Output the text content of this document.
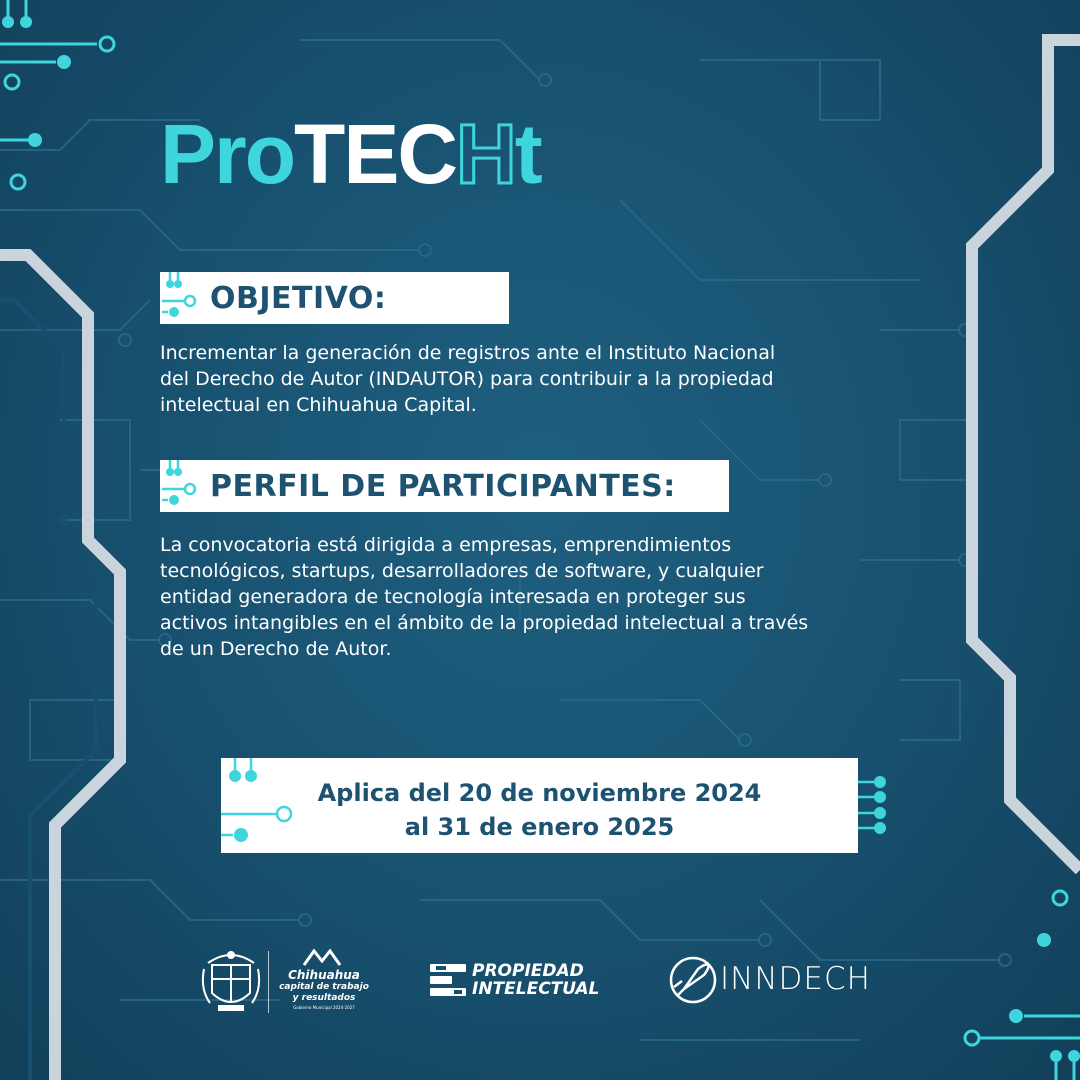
ProTECHt
OBJETIVO:

Incrementar la generación de registros ante el Instituto Nacional
del Derecho de Autor (INDAUTOR) para contribuir a la propiedad
intelectual en Chihuahua Capital.

PERFIL DE PARTICIPANTES:

La convocatoria está dirigida a empresas, emprendimientos
tecnológicos, startups, desarrolladores de software, y cualquier
entidad generadora de tecnología interesada en proteger sus
activos intangibles en el ámbito de la propiedad intelectual a través
de un Derecho de Autor.

Aplica del 20 de noviembre 2024
al 31 de enero 2025
Chihuahua
capital de trabajo
y resultados
Gobierno Municipal 2024-2027
PROPIEDAD
INTELECTUAL	INNDECH
